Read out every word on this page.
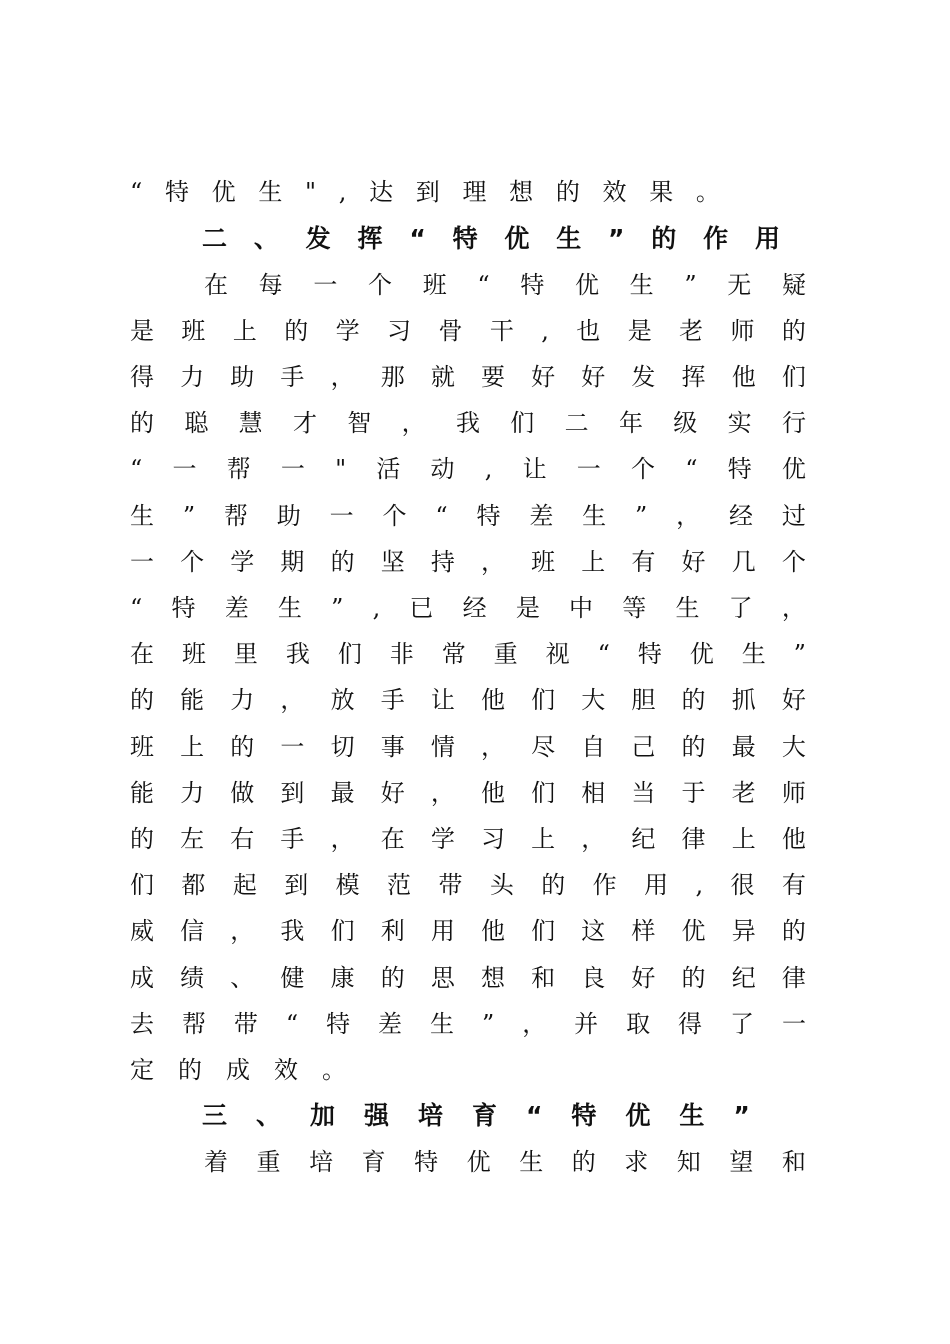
“ 特 优 生 " , 达 到 理 想 的 效 果 。
二 、 发 挥 “ 特 优 生 ” 的 作 用
在 每 一 个 班 “ 特 优 生 ” 无 疑
是 班 上 的 学 习 骨 干 , 也 是 老 师 的
得 力 助 手 ， 那 就 要 好 好 发 挥 他 们
的 聪 慧 才 智 ， 我 们 二 年 级 实 行
“ 一 帮 一 " 活 动 , 让 一 个 “ 特 优
生 ” 帮 助 一 个 “ 特 差 生 ” ， 经 过
一 个 学 期 的 坚 持 ， 班 上 有 好 几 个
“ 特 差 生 ” , 已 经 是 中 等 生 了 ，
在 班 里 我 们 非 常 重 视 “ 特 优 生 ”
的 能 力 ， 放 手 让 他 们 大 胆 的 抓 好
班 上 的 一 切 事 情 ， 尽 自 己 的 最 大
能 力 做 到 最 好 ， 他 们 相 当 于 老 师
的 左 右 手 ， 在 学 习 上 ， 纪 律 上 他
们 都 起 到 模 范 带 头 的 作 用 , 很 有
威 信 ， 我 们 利 用 他 们 这 样 优 异 的
成 绩 、 健 康 的 思 想 和 良 好 的 纪 律
去 帮 带 “ 特 差 生 ” ， 并 取 得 了 一
定 的 成 效 。
三 、 加 强 培 育 “ 特 优 生 ”
着 重 培 育 特 优 生 的 求 知 望 和
